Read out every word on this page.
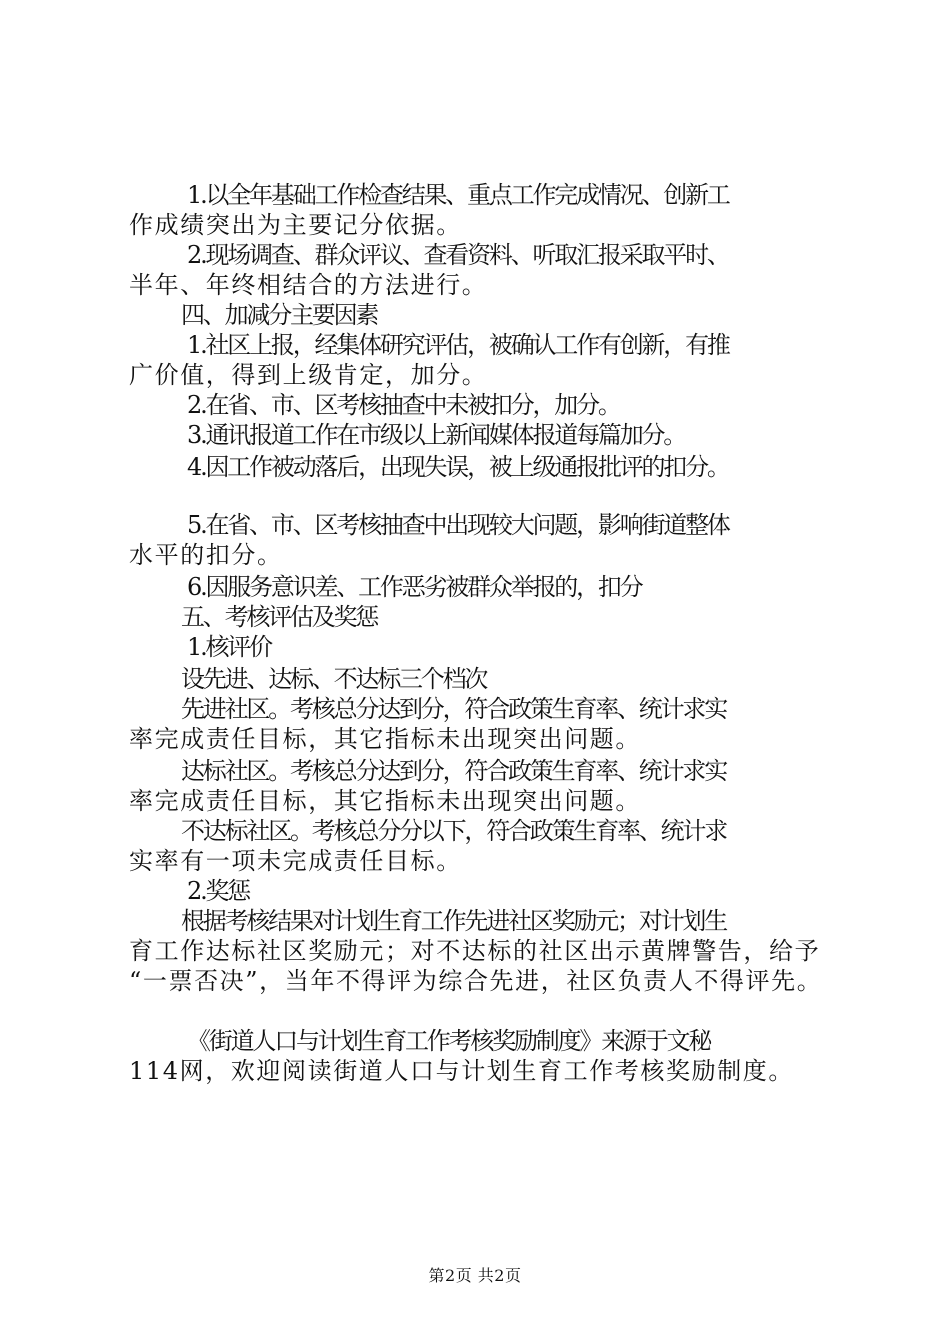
1.以全年基础工作检查结果、重点工作完成情况、创新工
作成绩突出为主要记分依据。
2.现场调查、群众评议、查看资料、听取汇报采取平时、
半年、年终相结合的方法进行。
四、加减分主要因素
1.社区上报，经集体研究评估，被确认工作有创新，有推
广价值，得到上级肯定，加分。
2.在省、市、区考核抽查中未被扣分，加分。
3.通讯报道工作在市级以上新闻媒体报道每篇加分。
4.因工作被动落后，出现失误，被上级通报批评的扣分。
5.在省、市、区考核抽查中出现较大问题，影响街道整体
水平的扣分。
6.因服务意识差、工作恶劣被群众举报的，扣分
五、考核评估及奖惩
1.核评价
设先进、达标、不达标三个档次
先进社区。考核总分达到分，符合政策生育率、统计求实
率完成责任目标，其它指标未出现突出问题。
达标社区。考核总分达到分，符合政策生育率、统计求实
率完成责任目标，其它指标未出现突出问题。
不达标社区。考核总分分以下，符合政策生育率、统计求
实率有一项未完成责任目标。
2.奖惩
根据考核结果对计划生育工作先进社区奖励元；对计划生
育工作达标社区奖励元；对不达标的社区出示黄牌警告，给予
“一票否决”，当年不得评为综合先进，社区负责人不得评先。
《街道人口与计划生育工作考核奖励制度》来源于文秘
114网，欢迎阅读街道人口与计划生育工作考核奖励制度。
第2页 共2页
